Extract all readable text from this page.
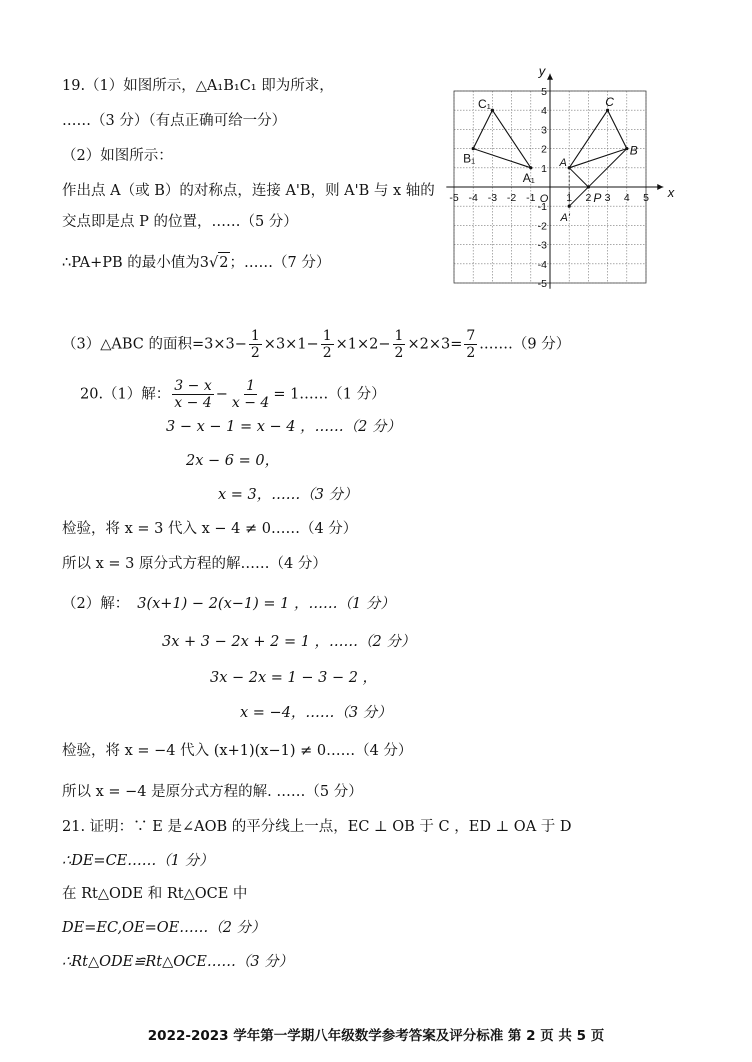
19.（1）如图所示，△A₁B₁C₁ 即为所求，
……（3 分）（有点正确可给一分）
（2）如图所示：
作出点 A（或 B）的对称点，连接 A'B，则 A'B 与 x 轴的
交点即是点 P 的位置，……（5 分）
∴PA+PB 的最小值为 3 √ 2 ；……（7 分）
（3）△ABC 的面积$=3\times 3- \frac{1}{2} \times 3\times 1- \frac{1}{2} \times 1\times 2- \frac{1}{2} \times 2\times 3= \frac{7}{2}$ .……（9 分）
20.（1）解： $\frac{3 - x}{x - 4} - \frac{1}{x - 4}$ = 1……（1 分）
3 − x − 1 = x − 4 ，……（2 分）
2x − 6 = 0，
x = 3，……（3 分）
检验，将 x = 3 代入 x − 4 ≠ 0……（4 分）
所以 x = 3 原分式方程的解……（4 分）
（2）解： 3(x+1) − 2(x−1) = 1 ，……（1 分）
3x + 3 − 2x + 2 = 1 ，……（2 分）
3x − 2x = 1 − 3 − 2 ，
x = −4，……（3 分）
检验，将 x = −4 代入 (x+1)(x−1) ≠ 0……（4 分）
所以 x = −4 是原分式方程的解. ……（5 分）
21. 证明：∵ E 是∠AOB 的平分线上一点，EC ⊥ OB 于 C ，ED ⊥ OA 于 D
∴DE=CE……（1 分）
在 Rt△ODE 和 Rt△OCE 中
DE=EC,OE=OE……（2 分）
∴Rt△ODE≌Rt△OCE……（3 分）
2022-2023 学年第一学期八年级数学参考答案及评分标准 第 2 页 共 5 页
x
y
-5 -4 -3 -2 -1	1 2 3 4 5
5
4
3
2
1
-1
-2
-3
-4
-5
O
C₁
B₁
A₁
A
B
C
P
A'
